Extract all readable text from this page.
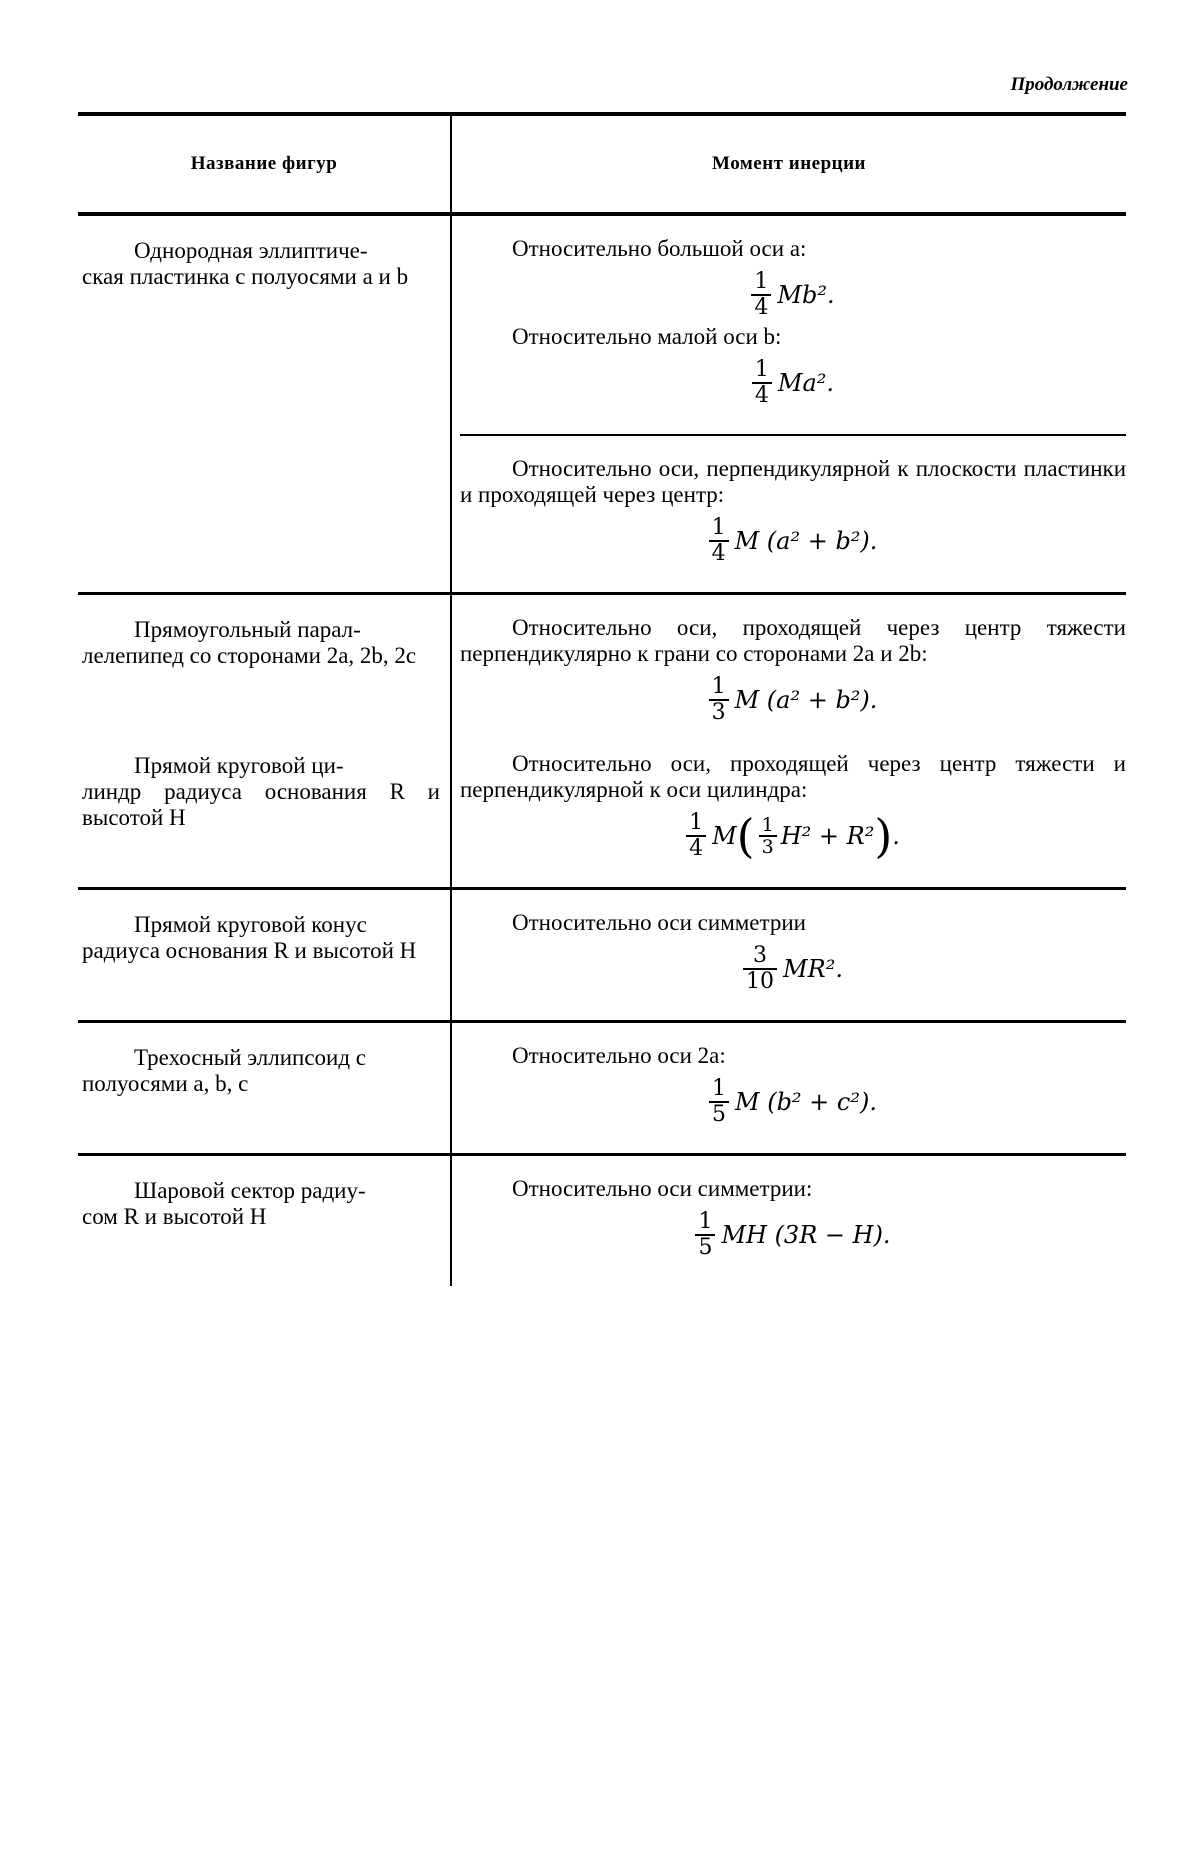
Продолжение
Название фигур	Момент инерции
Однородная эллиптиче-
ская пластинка с полуосями a и b
Относительно большой оси a:
$\frac{1}{4} Mb^2$.
Относительно малой оси b:
$\frac{1}{4} Ma^2$.
Относительно оси, перпендикулярной к плоскости пластинки и проходящей через центр:
$\frac{1}{4}$ M (a² + b²).
Прямоугольный парал-
лелепипед со сторонами 2a, 2b, 2c
Относительно оси, проходящей через центр тяжести перпендикулярно к грани со сторонами 2a и 2b:
$\frac{1}{3}$ M (a² + b²).
Прямой круговой ци-
линдр радиуса основания R и высотой H
Относительно оси, проходящей через центр тяжести и перпендикулярной к оси цилиндра:
$\frac{1}{4}$ M ( $\frac{1}{3} H^2 + R^2$ ) .
Прямой круговой конус
радиуса основания R и высотой H
Относительно оси симметрии
$\frac{3}{10} MR^2$.
Трехосный эллипсоид с
полуосями a, b, c
Относительно оси 2a:
$\frac{1}{5}$ M (b² + c²).
Шаровой сектор радиу-
сом R и высотой H
Относительно оси симметрии:
$\frac{1}{5}$ MH (3R − H).
